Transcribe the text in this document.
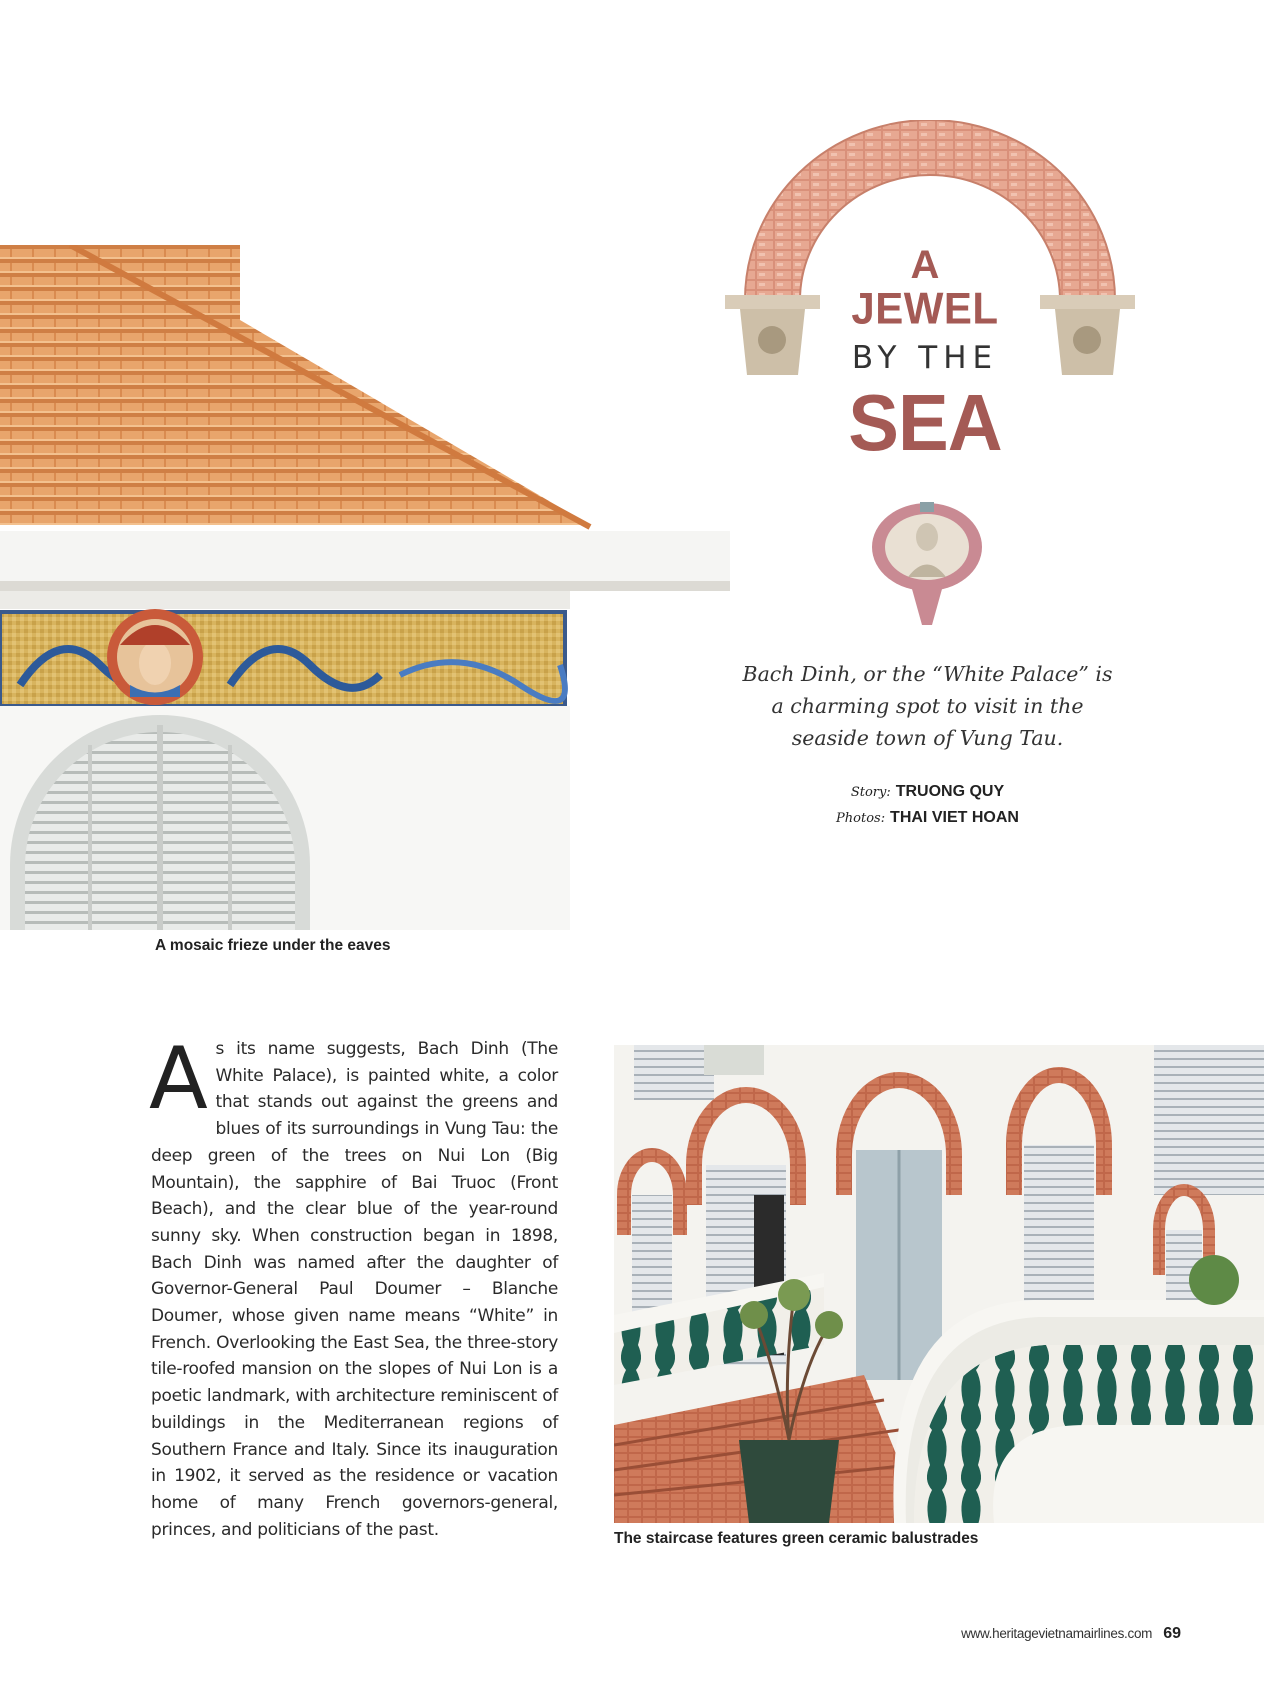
A
JEWEL
BY THE
SEA

Bach Dinh, or the “White Palace” is a charming spot to visit in the seaside town of Vung Tau.

Story: TRUONG QUY
Photos: THAI VIET HOAN

A mosaic frieze under the eaves

As its name suggests, Bach Dinh (The White Palace), is painted white, a color that stands out against the greens and blues of its surroundings in Vung Tau: the deep green of the trees on Nui Lon (Big Mountain), the sapphire of Bai Truoc (Front Beach), and the clear blue of the year-round sunny sky. When construction began in 1898, Bach Dinh was named after the daughter of Governor-General Paul Doumer – Blanche Doumer, whose given name means “White” in French. Overlooking the East Sea, the three-story tile-roofed mansion on the slopes of Nui Lon is a poetic landmark, with architecture reminiscent of buildings in the Mediterranean regions of Southern France and Italy. Since its inauguration in 1902, it served as the residence or vacation home of many French governors-general, princes, and politicians of the past.	The staircase features green ceramic balustrades

www.heritagevietnamairlines.com 69
